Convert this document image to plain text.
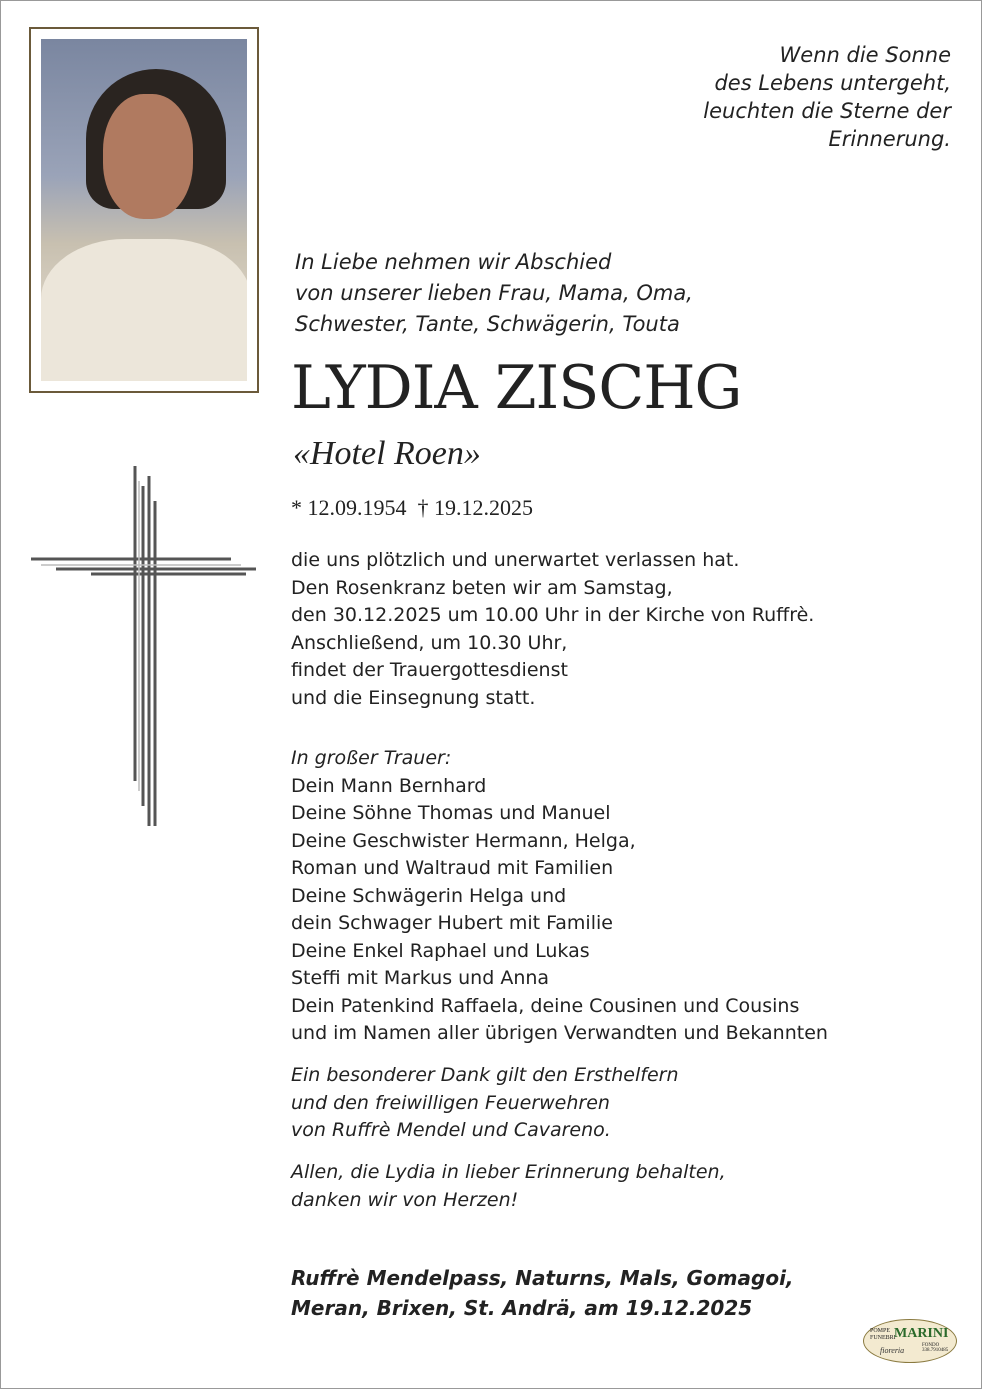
Wenn die Sonne
des Lebens untergeht,
leuchten die Sterne der
Erinnerung.
In Liebe nehmen wir Abschied
von unserer lieben Frau, Mama, Oma,
Schwester, Tante, Schwägerin, Touta
LYDIA ZISCHG
«Hotel Roen»
* 12.09.1954 † 19.12.2025
die uns plötzlich und unerwartet verlassen hat.
Den Rosenkranz beten wir am Samstag,
den 30.12.2025 um 10.00 Uhr in der Kirche von Ruffrè.
Anschließend, um 10.30 Uhr,
findet der Trauergottesdienst
und die Einsegnung statt.
In großer Trauer:
Dein Mann Bernhard
Deine Söhne Thomas und Manuel
Deine Geschwister Hermann, Helga,
Roman und Waltraud mit Familien
Deine Schwägerin Helga und
dein Schwager Hubert mit Familie
Deine Enkel Raphael und Lukas
Steffi mit Markus und Anna
Dein Patenkind Raffaela, deine Cousinen und Cousins
und im Namen aller übrigen Verwandten und Bekannten
Ein besonderer Dank gilt den Ersthelfern
und den freiwilligen Feuerwehren
von Ruffrè Mendel und Cavareno.
Allen, die Lydia in lieber Erinnerung behalten,
danken wir von Herzen!
Ruffrè Mendelpass, Naturns, Mals, Gomagoi,
Meran, Brixen, St. Andrä, am 19.12.2025
POMPE
FUNEBRI
MARINI
fioreria
FONDO
338.7910485
